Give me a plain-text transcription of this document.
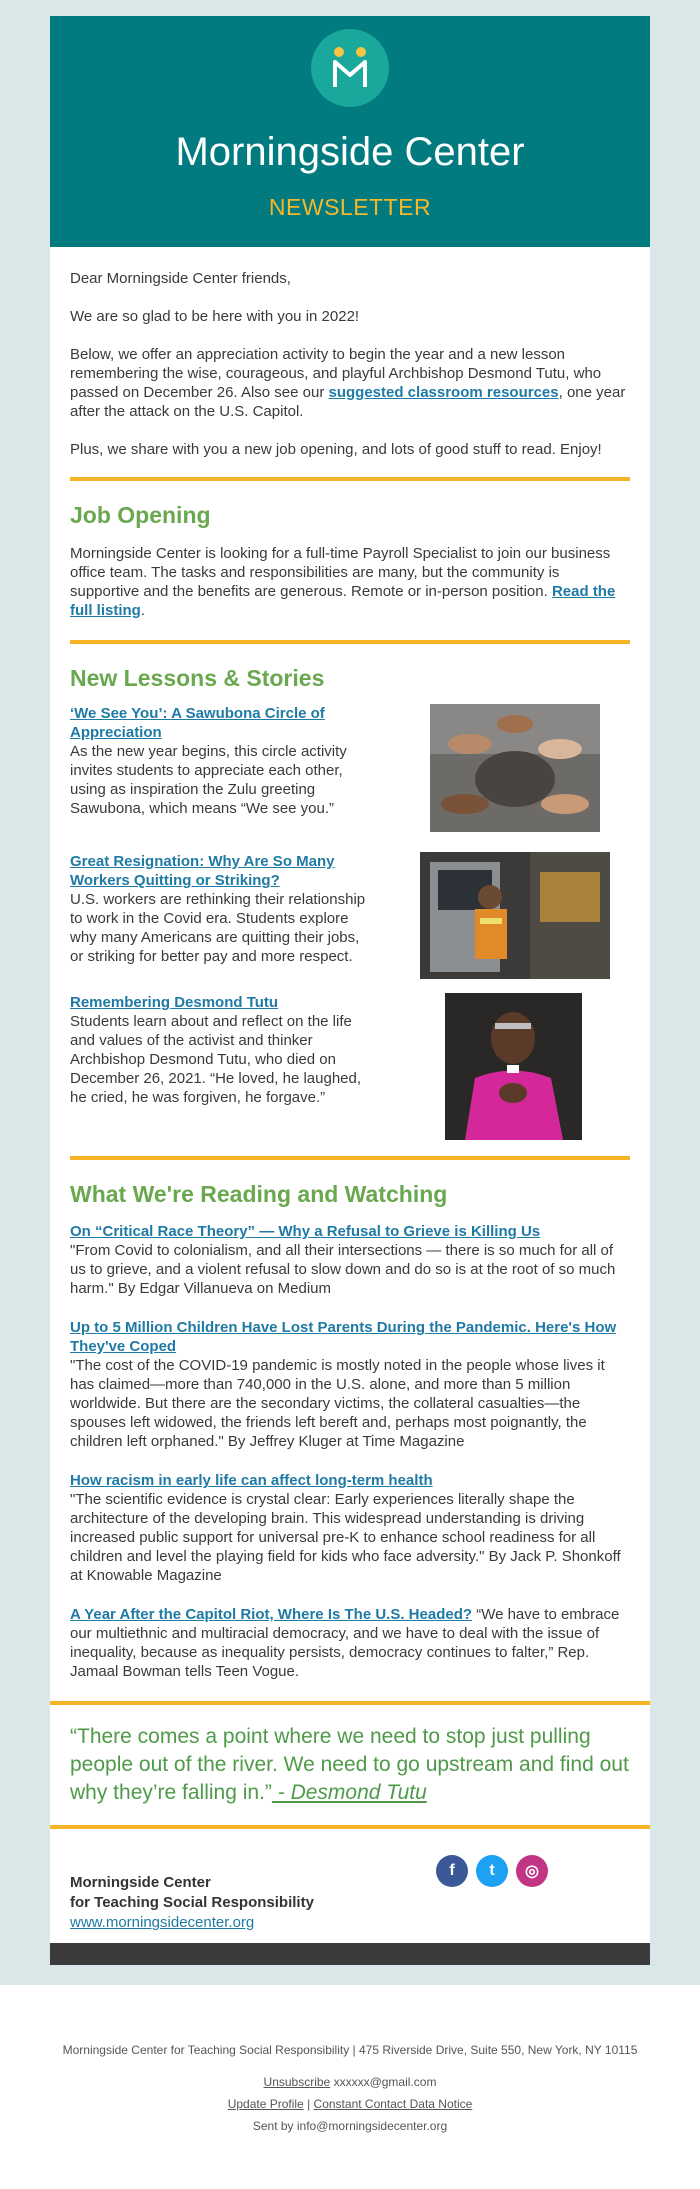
Morningside Center
NEWSLETTER

Dear Morningside Center friends,

We are so glad to be here with you in 2022!

Below, we offer an appreciation activity to begin the year and a new lesson remembering the wise, courageous, and playful Archbishop Desmond Tutu, who passed on December 26. Also see our suggested classroom resources, one year after the attack on the U.S. Capitol.

Plus, we share with you a new job opening, and lots of good stuff to read. Enjoy!

Job Opening

Morningside Center is looking for a full-time Payroll Specialist to join our business office team. The tasks and responsibilities are many, but the community is supportive and the benefits are generous. Remote or in-person position. Read the full listing.

New Lessons & Stories
‘We See You’: A Sawubona Circle of Appreciation

As the new year begins, this circle activity invites students to appreciate each other, using as inspiration the Zulu greeting Sawubona, which means “We see you.”

Great Resignation: Why Are So Many Workers Quitting or Striking?

U.S. workers are rethinking their relationship to work in the Covid era. Students explore why many Americans are quitting their jobs, or striking for better pay and more respect.

Remembering Desmond Tutu

Students learn about and reflect on the life and values of the activist and thinker Archbishop Desmond Tutu, who died on December 26, 2021. “He loved, he laughed, he cried, he was forgiven, he forgave.”

What We're Reading and Watching
On “Critical Race Theory” — Why a Refusal to Grieve is Killing Us

"From Covid to colonialism, and all their intersections — there is so much for all of us to grieve, and a violent refusal to slow down and do so is at the root of so much harm." By Edgar Villanueva on Medium

Up to 5 Million Children Have Lost Parents During the Pandemic. Here's How They've Coped

"The cost of the COVID-19 pandemic is mostly noted in the people whose lives it has claimed—more than 740,000 in the U.S. alone, and more than 5 million worldwide. But there are the secondary victims, the collateral casualties—the spouses left widowed, the friends left bereft and, perhaps most poignantly, the children left orphaned." By Jeffrey Kluger at Time Magazine

How racism in early life can affect long-term health

"The scientific evidence is crystal clear: Early experiences literally shape the architecture of the developing brain. This widespread understanding is driving increased public support for universal pre-K to enhance school readiness for all children and level the playing field for kids who face adversity." By Jack P. Shonkoff at Knowable Magazine

A Year After the Capitol Riot, Where Is The U.S. Headed? “We have to embrace our multiethnic and multiracial democracy, and we have to deal with the issue of inequality, because as inequality persists, democracy continues to falter,” Rep. Jamaal Bowman tells Teen Vogue.

“There comes a point where we need to stop just pulling people out of the river. We need to go upstream and find out why they’re falling in.” - Desmond Tutu
Morningside Center
for Teaching Social Responsibility
www.morningsidecenter.org
f t ◎
Morningside Center for Teaching Social Responsibility | 475 Riverside Drive, Suite 550, New York, NY 10115
Unsubscribe xxxxxx@gmail.com
Update Profile | Constant Contact Data Notice
Sent by info@morningsidecenter.org
